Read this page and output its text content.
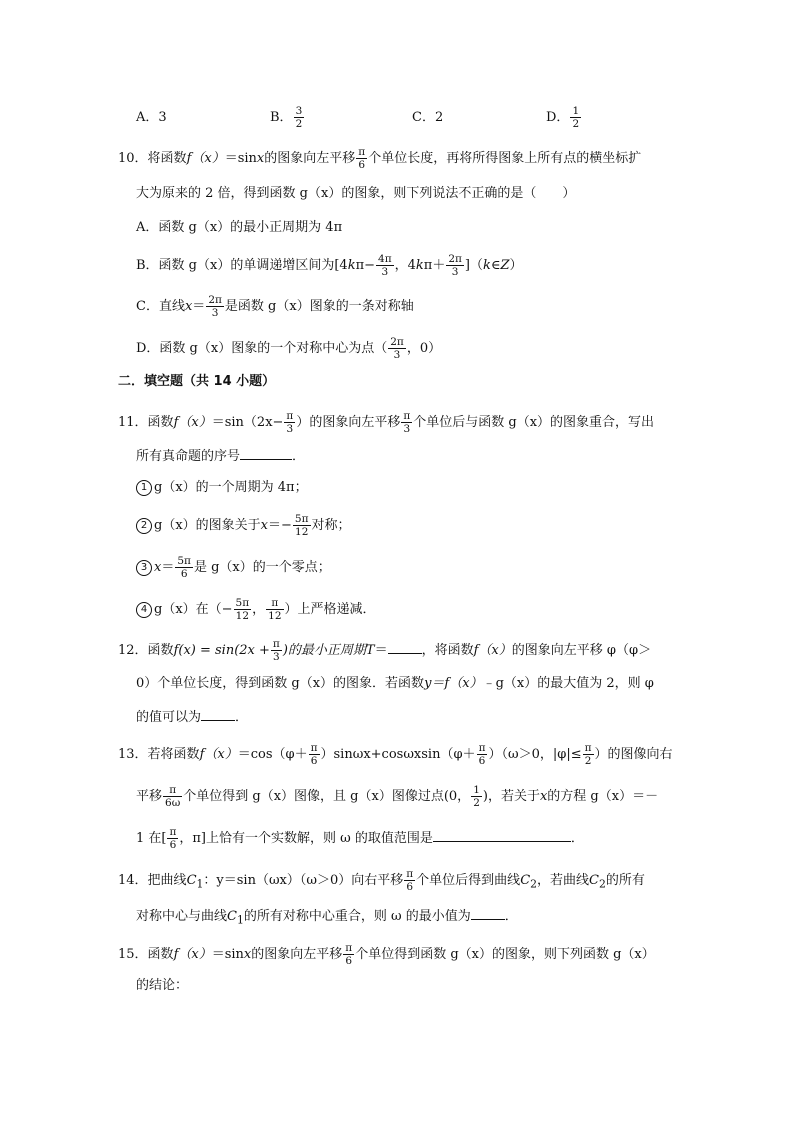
A．3	B． $\frac{3}{2}$	C．2	D． $\frac{1}{2}$
10．将函数f（x）＝sinx的图象向左平移 $\frac{\pi}{6}$ 个单位长度，再将所得图象上所有点的横坐标扩
大为原来的 2 倍，得到函数 g（x）的图象，则下列说法不正确的是（　　）
A．函数 g（x）的最小正周期为 4π
B．函数 g（x）的单调递增区间为[$4k\pi- \frac{4\pi}{3}$ ，$4k\pi+ \frac{2\pi}{3}$ ]（k∈Z）
C．直线$x= \frac{2\pi}{3}$ 是函数 g（x）图象的一条对称轴
D．函数 g（x）图象的一个对称中心为点（ $\frac{2\pi}{3}$ ，0）
二．填空题（共 14 小题）
11．函数$f(x)=\sin(2x- \frac{\pi}{3}$ ）的图象向左平移 $\frac{\pi}{3}$ 个单位后与函数 g（x）的图象重合，写出
所有真命题的序号	．
1 g（x）的一个周期为 4π；
2 g（x）的图象关于$x=- \frac{5\pi}{12}$ 对称；
3 $x= \frac{5\pi}{6}$ 是 g（x）的一个零点；
4 g（x）在（− $\frac{5\pi}{12}$ ， $\frac{\pi}{12}$ ）上严格递减．
12．函数$f(x) = \sin(2x + \frac{\pi}{3}$ )的最小正周期T＝	，将函数f（x）的图象向左平移 φ（φ＞
0）个单位长度，得到函数 g（x）的图象．若函数y＝f（x）﹣g（x）的最大值为 2，则 φ
的值可以为	．
13．若将函数$f(x)=\cos(\varphi+ \frac{\pi}{6} )\sin\omega x+\cos\omega xsin(\varphi+ \frac{\pi}{6} )(\omega>0$，$|\varphi|\le \frac{\pi}{2}$ ）的图像向右
平移 $\frac{\pi}{6\omega}$ 个单位得到 g（x）图像，且 g（x）图像过点(0， $\frac{1}{2}$ )，若关于x的方程 g（x）＝－
1 在[ $\frac{\pi}{6}$ ，π]上恰有一个实数解，则 ω 的取值范围是	．
14．把曲线$C_1$：y＝sin（ωx）（ω＞0）向右平移 $\frac{\pi}{6}$ 个单位后得到曲线$C_2$，若曲线$C_2$的所有
对称中心与曲线$C_1$的所有对称中心重合，则 ω 的最小值为	．
15．函数f（x）＝sinx的图象向左平移 $\frac{\pi}{6}$ 个单位得到函数 g（x）的图象，则下列函数 g（x）
的结论：
